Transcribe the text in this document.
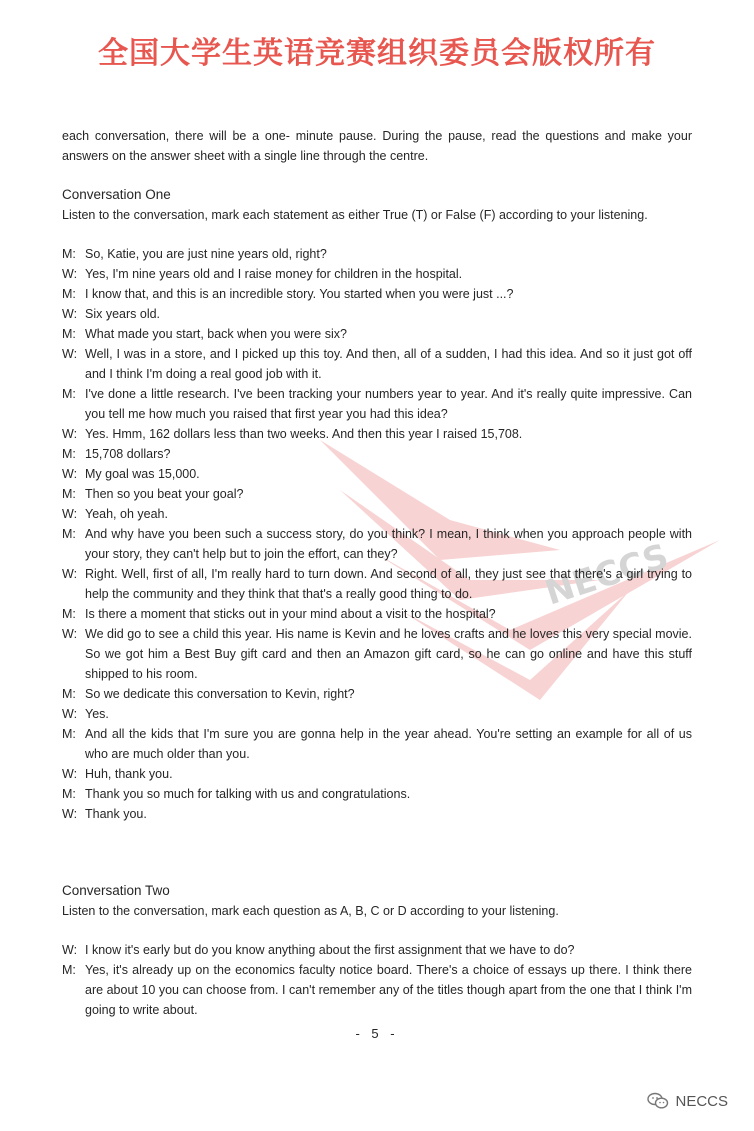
全国大学生英语竞赛组织委员会版权所有
NECCS
each conversation, there will be a one- minute pause. During the pause, read the questions and make your answers on the answer sheet with a single line through the centre.
Conversation One
Listen to the conversation, mark each statement as either True (T) or False (F) according to your listening.
M: So, Katie, you are just nine years old, right?
W: Yes, I'm nine years old and I raise money for children in the hospital.
M: I know that, and this is an incredible story. You started when you were just ...?
W: Six years old.
M: What made you start, back when you were six?
W: Well, I was in a store, and I picked up this toy. And then, all of a sudden, I had this idea. And so it just got off and I think I'm doing a real good job with it.
M: I've done a little research. I've been tracking your numbers year to year. And it's really quite impressive. Can you tell me how much you raised that first year you had this idea?
W: Yes. Hmm, 162 dollars less than two weeks. And then this year I raised 15,708.
M: 15,708 dollars?
W: My goal was 15,000.
M: Then so you beat your goal?
W: Yeah, oh yeah.
M: And why have you been such a success story, do you think? I mean, I think when you approach people with your story, they can't help but to join the effort, can they?
W: Right. Well, first of all, I'm really hard to turn down. And second of all, they just see that there's a girl trying to help the community and they think that that's a really good thing to do.
M: Is there a moment that sticks out in your mind about a visit to the hospital?
W: We did go to see a child this year. His name is Kevin and he loves crafts and he loves this very special movie. So we got him a Best Buy gift card and then an Amazon gift card, so he can go online and have this stuff shipped to his room.
M: So we dedicate this conversation to Kevin, right?
W: Yes.
M: And all the kids that I'm sure you are gonna help in the year ahead. You're setting an example for all of us who are much older than you.
W: Huh, thank you.
M: Thank you so much for talking with us and congratulations.
W: Thank you.
Conversation Two
Listen to the conversation, mark each question as A, B, C or D according to your listening.
W: I know it's early but do you know anything about the first assignment that we have to do?
M: Yes, it's already up on the economics faculty notice board. There's a choice of essays up there. I think there are about 10 you can choose from. I can't remember any of the titles though apart from the one that I think I'm going to write about.
- 5 -
NECCS
